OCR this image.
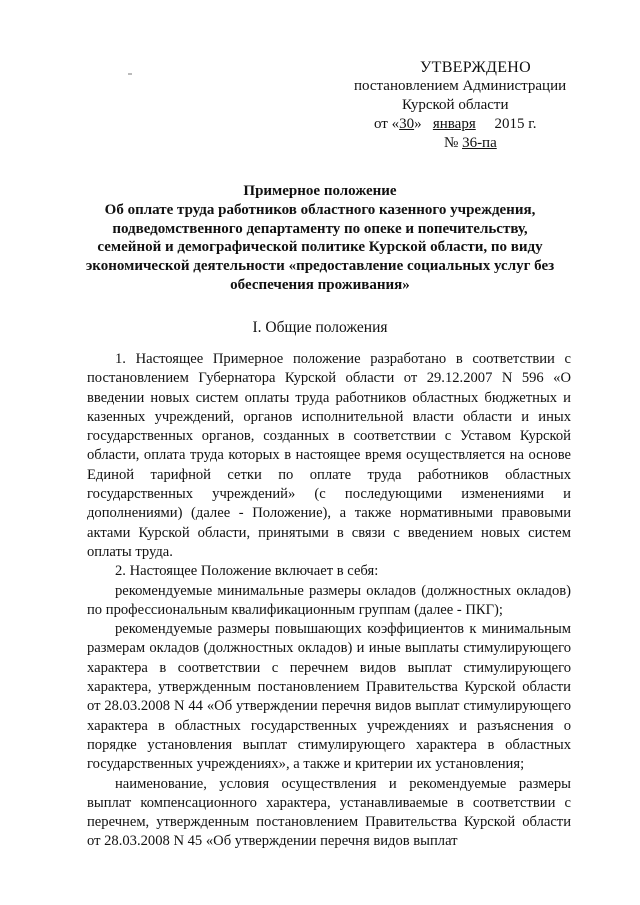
УТВЕРЖДЕНО
постановлением Администрации
Курской области
от «30» января 2015 г.
№ 36-па
Примерное положение
Об оплате труда работников областного казенного учреждения,
подведомственного департаменту по опеке и попечительству,
семейной и демографической политике Курской области, по виду
экономической деятельности «предоставление социальных услуг без
обеспечения проживания»
I. Общие положения

1. Настоящее Примерное положение разработано в соответствии с постановлением Губернатора Курской области от 29.12.2007 N 596 «О введении новых систем оплаты труда работников областных бюджетных и казенных учреждений, органов исполнительной власти области и иных государственных органов, созданных в соответствии с Уставом Курской области, оплата труда которых в настоящее время осуществляется на основе Единой тарифной сетки по оплате труда работников областных государственных учреждений» (с последующими изменениями и дополнениями) (далее - Положение), а также нормативными правовыми актами Курской области, принятыми в связи с введением новых систем оплаты труда.

2. Настоящее Положение включает в себя:

рекомендуемые минимальные размеры окладов (должностных окладов) по профессиональным квалификационным группам (далее - ПКГ);

рекомендуемые размеры повышающих коэффициентов к минимальным размерам окладов (должностных окладов) и иные выплаты стимулирующего характера в соответствии с перечнем видов выплат стимулирующего характера, утвержденным постановлением Правительства Курской области от 28.03.2008 N 44 «Об утверждении перечня видов выплат стимулирующего характера в областных государственных учреждениях и разъяснения о порядке установления выплат стимулирующего характера в областных государственных учреждениях», а также и критерии их установления;

наименование, условия осуществления и рекомендуемые размеры выплат компенсационного характера, устанавливаемые в соответствии с перечнем, утвержденным постановлением Правительства Курской области от 28.03.2008 N 45 «Об утверждении перечня видов выплат
